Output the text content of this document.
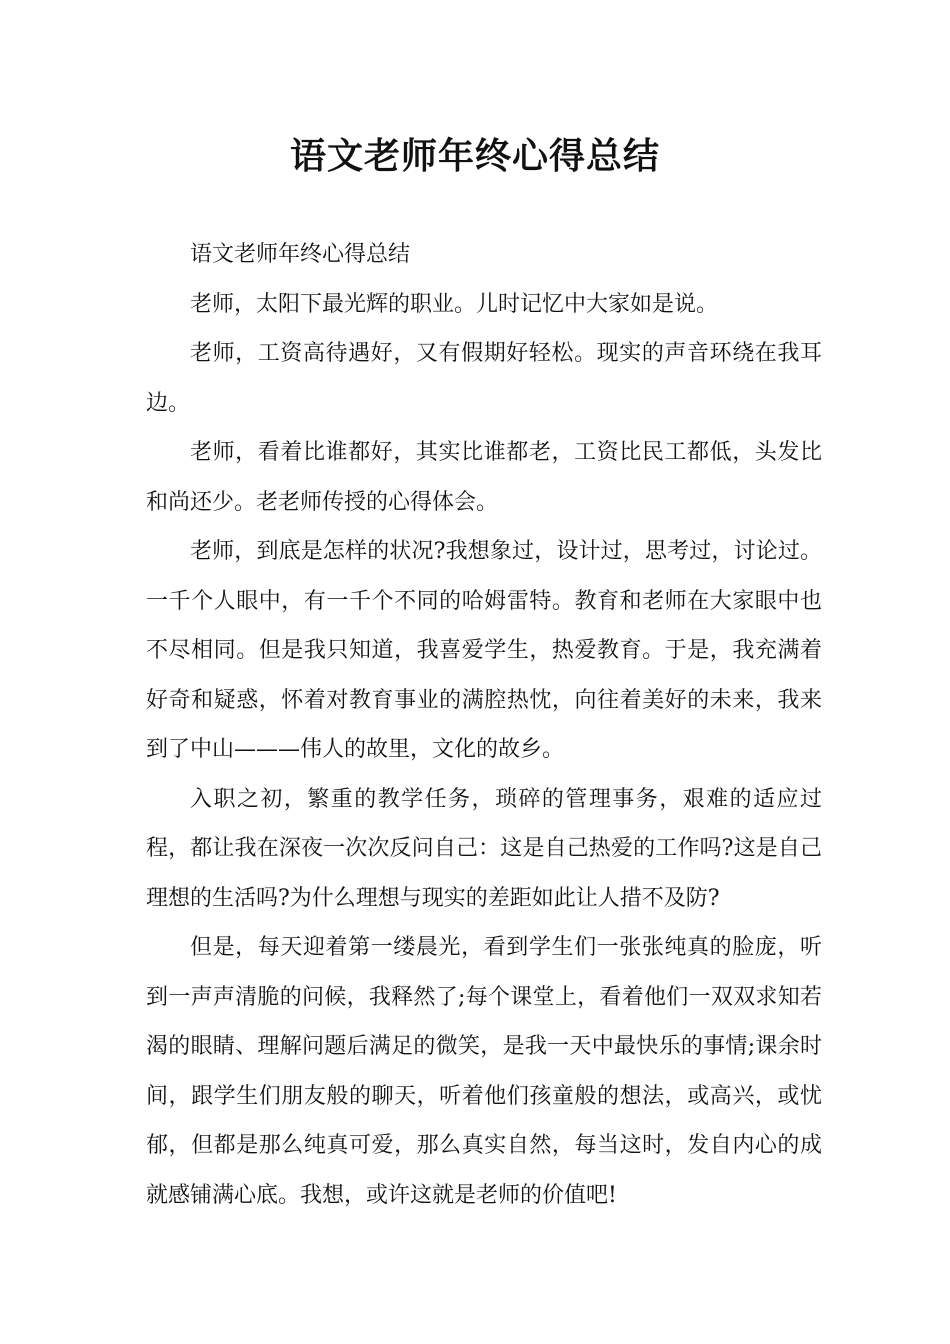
语文老师年终心得总结

语文老师年终心得总结

老师，太阳下最光辉的职业。儿时记忆中大家如是说。

老师，工资高待遇好，又有假期好轻松。现实的声音环绕在我耳边。

老师，看着比谁都好，其实比谁都老，工资比民工都低，头发比和尚还少。老老师传授的心得体会。

老师，到底是怎样的状况?我想象过，设计过，思考过，讨论过。一千个人眼中，有一千个不同的哈姆雷特。教育和老师在大家眼中也不尽相同。但是我只知道，我喜爱学生，热爱教育。于是，我充满着好奇和疑惑，怀着对教育事业的满腔热忱，向往着美好的未来，我来到了中山———伟人的故里，文化的故乡。

入职之初，繁重的教学任务，琐碎的管理事务，艰难的适应过程，都让我在深夜一次次反问自己：这是自己热爱的工作吗?这是自己理想的生活吗?为什么理想与现实的差距如此让人措不及防?

但是，每天迎着第一缕晨光，看到学生们一张张纯真的脸庞，听到一声声清脆的问候，我释然了;每个课堂上，看着他们一双双求知若渴的眼睛、理解问题后满足的微笑，是我一天中最快乐的事情;课余时间，跟学生们朋友般的聊天，听着他们孩童般的想法，或高兴，或忧郁，但都是那么纯真可爱，那么真实自然，每当这时，发自内心的成就感铺满心底。我想，或许这就是老师的价值吧!
